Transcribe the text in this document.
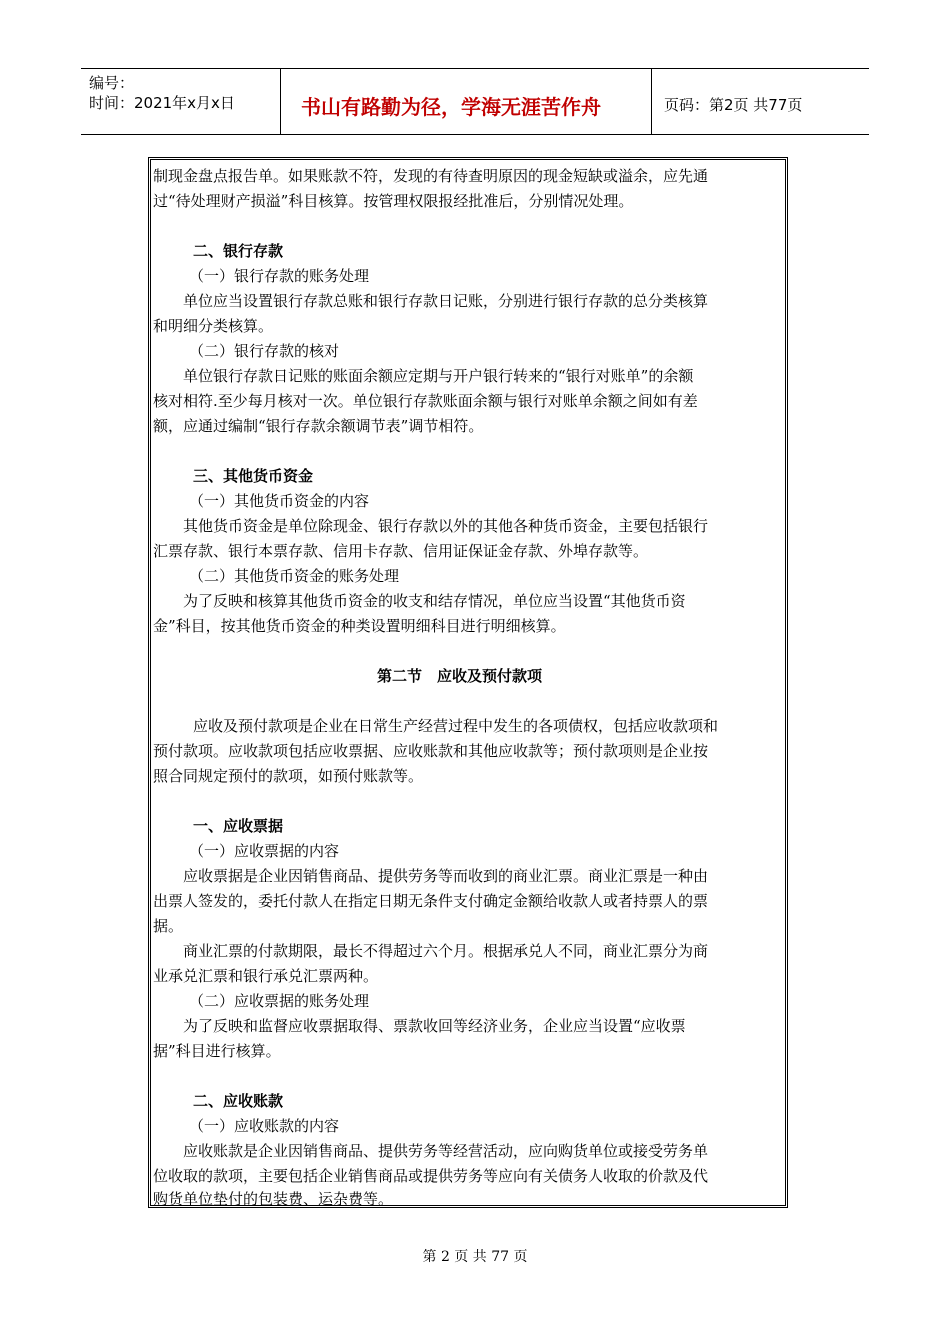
编号：
时间：2021年x月x日	书山有路勤为径，学海无涯苦作舟	页码：第2页 共77页
制现金盘点报告单。如果账款不符，发现的有待查明原因的现金短缺或溢余，应先通
过“待处理财产损溢”科目核算。按管理权限报经批准后，分别情况处理。
二、银行存款
（一）银行存款的账务处理
单位应当设置银行存款总账和银行存款日记账，分别进行银行存款的总分类核算
和明细分类核算。
（二）银行存款的核对
单位银行存款日记账的账面余额应定期与开户银行转来的“银行对账单”的余额
核对相符.至少每月核对一次。单位银行存款账面余额与银行对账单余额之间如有差
额，应通过编制“银行存款余额调节表”调节相符。
三、其他货币资金
（一）其他货币资金的内容
其他货币资金是单位除现金、银行存款以外的其他各种货币资金，主要包括银行
汇票存款、银行本票存款、信用卡存款、信用证保证金存款、外埠存款等。
（二）其他货币资金的账务处理
为了反映和核算其他货币资金的收支和结存情况，单位应当设置“其他货币资
金”科目，按其他货币资金的种类设置明细科目进行明细核算。
第二节　应收及预付款项
应收及预付款项是企业在日常生产经营过程中发生的各项债权，包括应收款项和
预付款项。应收款项包括应收票据、应收账款和其他应收款等；预付款项则是企业按
照合同规定预付的款项，如预付账款等。
一、应收票据
（一）应收票据的内容
应收票据是企业因销售商品、提供劳务等而收到的商业汇票。商业汇票是一种由
出票人签发的，委托付款人在指定日期无条件支付确定金额给收款人或者持票人的票
据。
商业汇票的付款期限，最长不得超过六个月。根据承兑人不同，商业汇票分为商
业承兑汇票和银行承兑汇票两种。
（二）应收票据的账务处理
为了反映和监督应收票据取得、票款收回等经济业务，企业应当设置“应收票
据”科目进行核算。
二、应收账款
（一）应收账款的内容
应收账款是企业因销售商品、提供劳务等经营活动，应向购货单位或接受劳务单
位收取的款项，主要包括企业销售商品或提供劳务等应向有关债务人收取的价款及代
购货单位垫付的包装费、运杂费等。
第 2 页 共 77 页
